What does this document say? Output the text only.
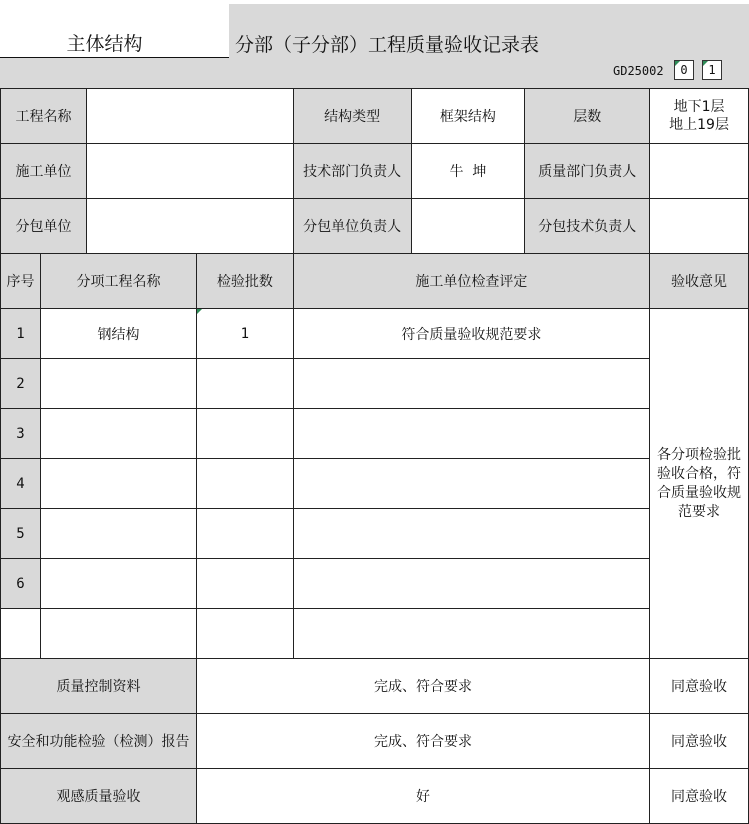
主体结构	分部（子分部）工程质量验收记录表
GD25002	0	1
工程名称				结构类型	框架结构	层数	地下1层
地上19层
施工单位				技术部门负责人	牛  坤	质量部门负责人	
分包单位				分包单位负责人		分包技术负责人	
序号	分项工程名称		检验批数	施工单位检查评定			验收意见
1	钢结构		1	符合质量验收规范要求			各分项检验批验收合格，符合质量验收规范要求
2							
3							
4							
5							
6							

质量控制资料			完成、符合要求				同意验收
安全和功能检验（检测）报告			完成、符合要求				同意验收
观感质量验收			好				同意验收
